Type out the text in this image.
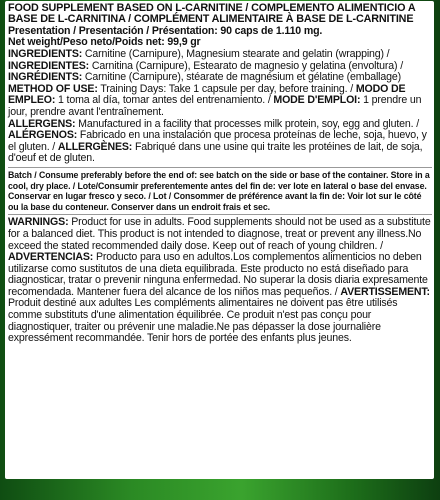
FOOD SUPPLEMENT BASED ON L-CARNITINE / COMPLEMENTO ALIMENTICIO A BASE DE L-CARNITINA / COMPLÉMENT ALIMENTAIRE À BASE DE L-CARNITINE

Presentation / Presentación / Présentation: 90 caps de 1.110 mg.

Net weight/Peso neto/Poids net: 99,9 gr

INGREDIENTS: Carnitine (Carnipure), Magnesium stearate and gelatin (wrapping) / INGREDIENTES: Carnitina (Carnipure), Estearato de magnesio y gelatina (envoltura) / INGRÉDIENTS: Carnitine (Carnipure), stéarate de magnésium et gélatine (emballage)

METHOD OF USE: Training Days: Take 1 capsule per day, before training. / MODO DE EMPLEO: 1 toma al día, tomar antes del entrenamiento. / MODE D'EMPLOI: 1 prendre un jour, prendre avant l'entraînement.

ALLERGENS: Manufactured in a facility that processes milk protein, soy, egg and gluten. / ALÉRGENOS: Fabricado en una instalación que procesa proteínas de leche, soja, huevo, y el gluten. / ALLERGÈNES: Fabriqué dans une usine qui traite les protéines de lait, de soja, d'oeuf et de gluten.

Batch / Consume preferably before the end of: see batch on the side or base of the container. Store in a cool, dry place. / Lote/Consumir preferentemente antes del fin de: ver lote en lateral o base del envase. Conservar en lugar fresco y seco. / Lot / Consommer de préférence avant la fin de: Voir lot sur le côté ou la base du conteneur. Conserver dans un endroit frais et sec.

WARNINGS: Product for use in adults. Food supplements should not be used as a substitute for a balanced diet. This product is not intended to diagnose, treat or prevent any illness.No exceed the stated recommended daily dose. Keep out of reach of young children. / ADVERTENCIAS: Producto para uso en adultos.Los complementos alimenticios no deben utilizarse como sustitutos de una dieta equilibrada. Este producto no está diseñado para diagnosticar, tratar o prevenir ninguna enfermedad. No superar la dosis diaria expresamente recomendada. Mantener fuera del alcance de los niños mas pequeños. / AVERTISSEMENT: Produit destiné aux adultes Les compléments alimentaires ne doivent pas être utilisés comme substituts d'une alimentation équilibrée. Ce produit n'est pas conçu pour diagnostiquer, traiter ou prévenir une maladie.Ne pas dépasser la dose journalière expressément recommandée. Tenir hors de portée des enfants plus jeunes.
